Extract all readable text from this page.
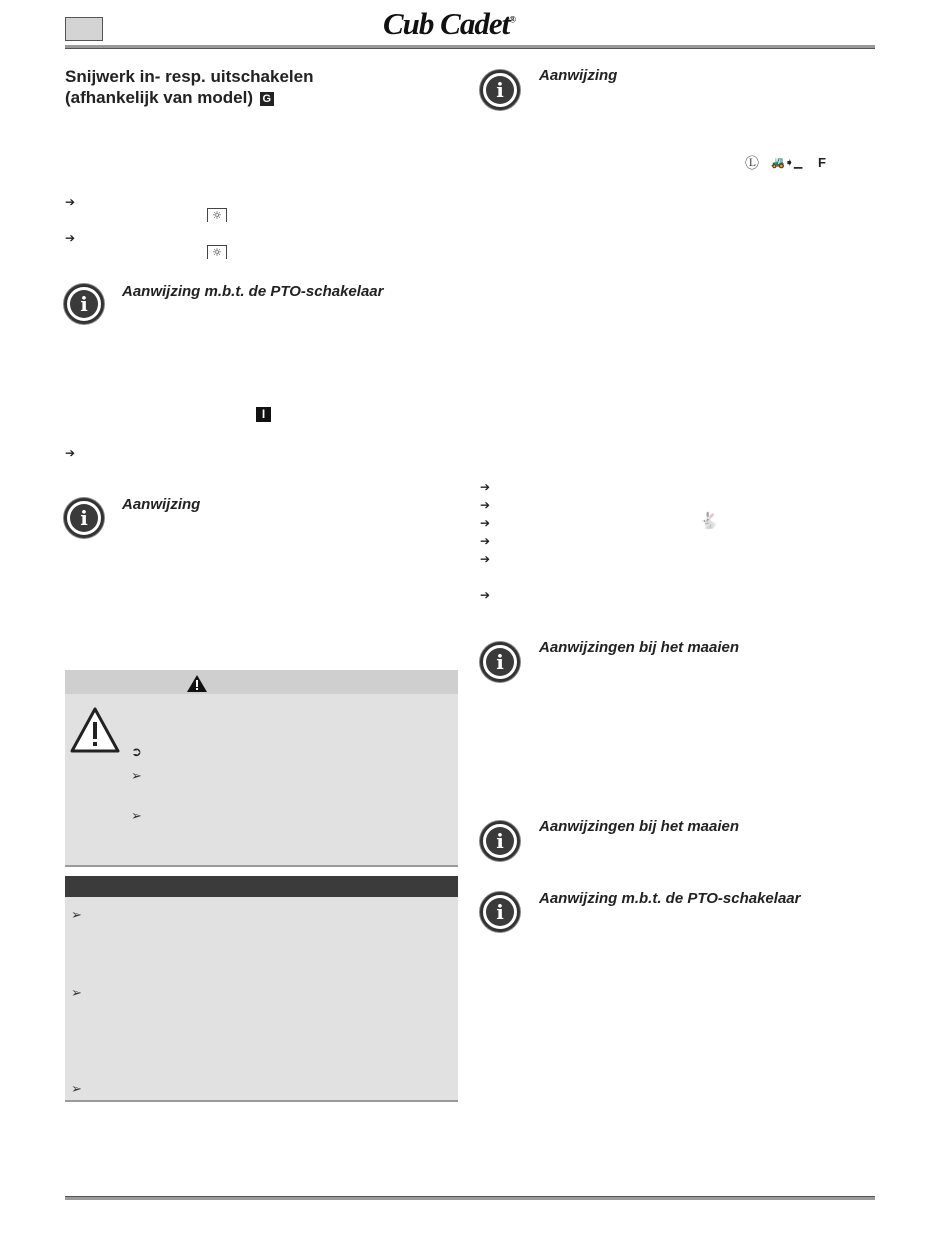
Cub Cadet®
Snijwerk in- resp. uitschakelen
(afhankelijk van model) G
➔
☼
➔
☼
i
Aanwijzing m.b.t. de PTO-schakelaar
I
➔
i
Aanwijzing
➲
➢
➢
➢
➢
➢
i
Aanwijzing
Ⓛ 🚜➧▁ F
➔
➔
➔	🐇
➔
➔
➔
i
Aanwijzingen bij het maaien
i
Aanwijzingen bij het maaien
i
Aanwijzing m.b.t. de PTO-schakelaar
